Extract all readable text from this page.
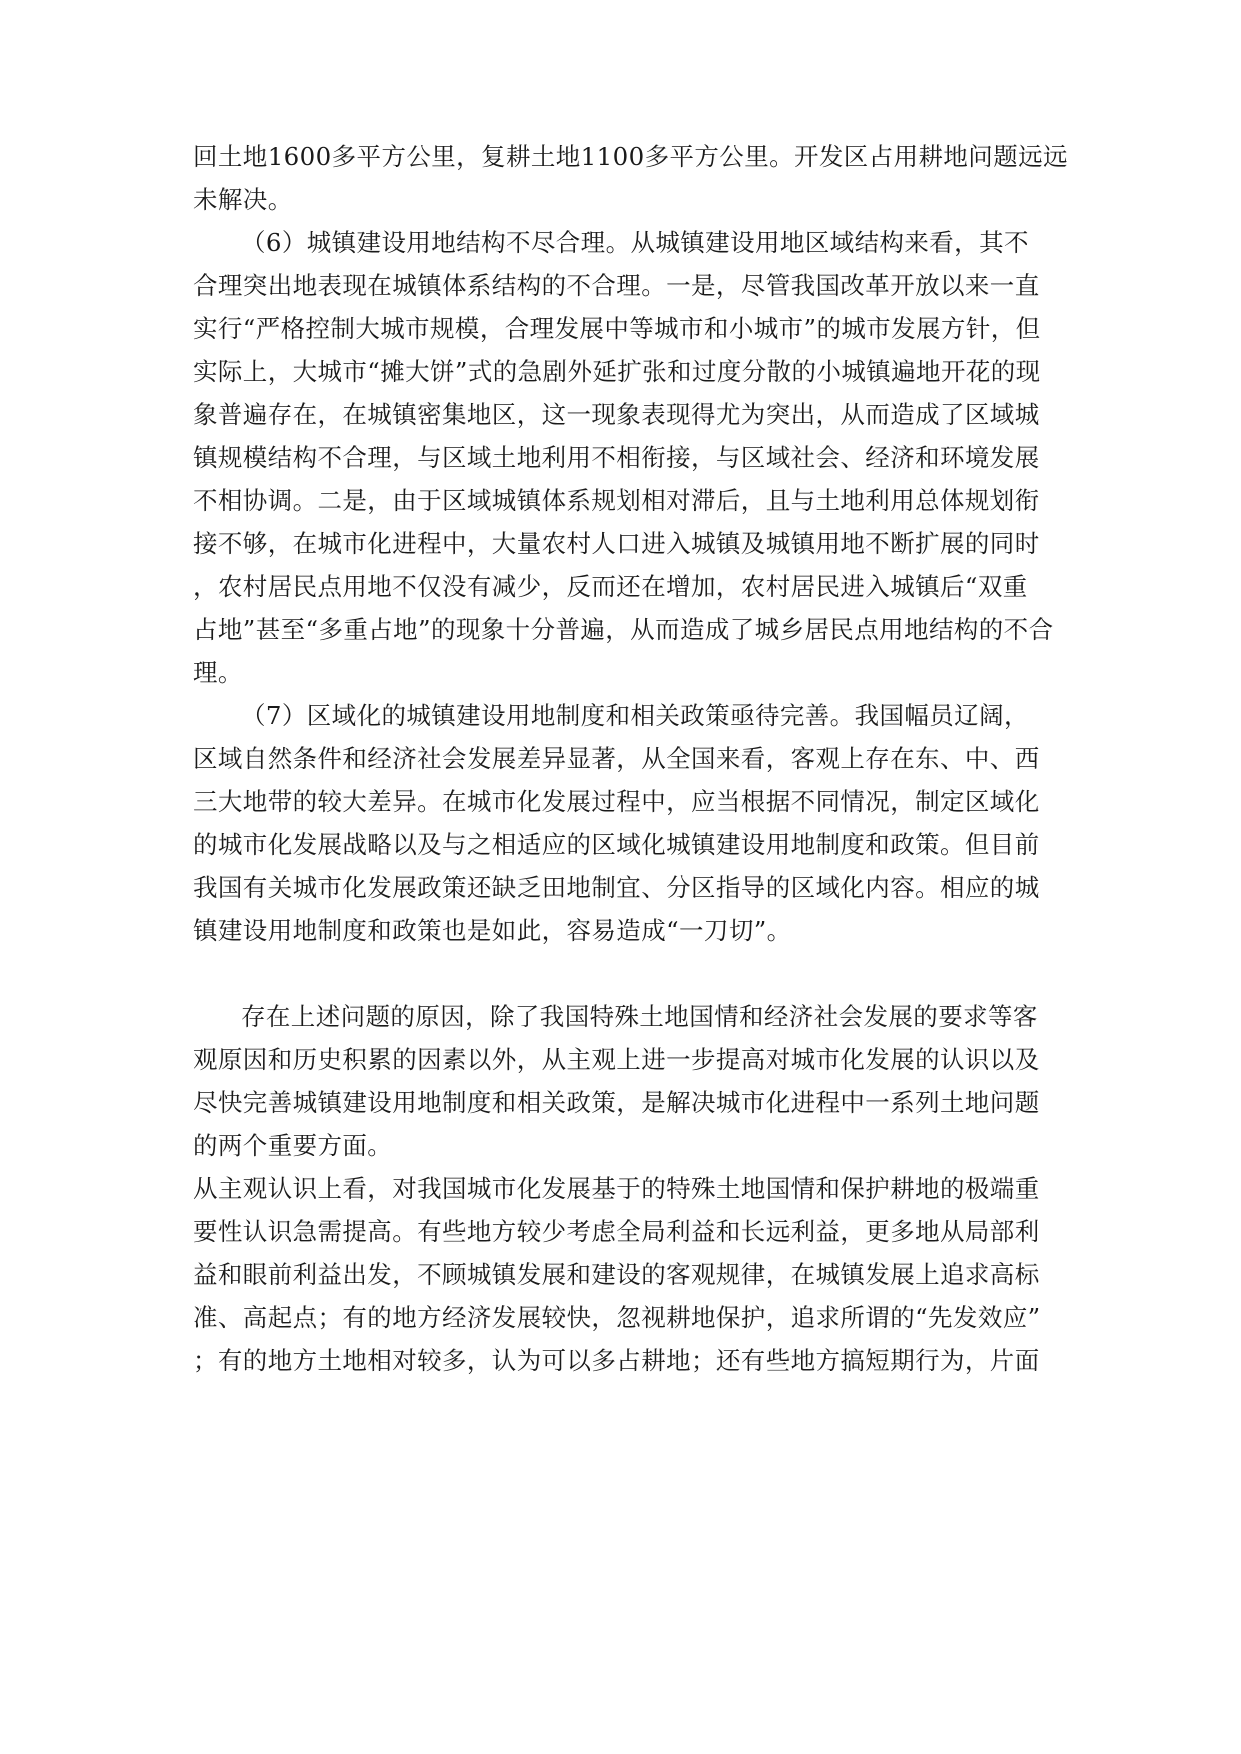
回土地1600多平方公里，复耕土地1100多平方公里。开发区占用耕地问题远远
未解决。
（6）城镇建设用地结构不尽合理。从城镇建设用地区域结构来看，其不
合理突出地表现在城镇体系结构的不合理。一是，尽管我国改革开放以来一直
实行“严格控制大城市规模，合理发展中等城市和小城市”的城市发展方针，但
实际上，大城市“摊大饼”式的急剧外延扩张和过度分散的小城镇遍地开花的现
象普遍存在，在城镇密集地区，这一现象表现得尤为突出，从而造成了区域城
镇规模结构不合理，与区域土地利用不相衔接，与区域社会、经济和环境发展
不相协调。二是，由于区域城镇体系规划相对滞后，且与土地利用总体规划衔
接不够，在城市化进程中，大量农村人口进入城镇及城镇用地不断扩展的同时
，农村居民点用地不仅没有减少，反而还在增加，农村居民进入城镇后“双重
占地”甚至“多重占地”的现象十分普遍，从而造成了城乡居民点用地结构的不合
理。
（7）区域化的城镇建设用地制度和相关政策亟待完善。我国幅员辽阔，
区域自然条件和经济社会发展差异显著，从全国来看，客观上存在东、中、西
三大地带的较大差异。在城市化发展过程中，应当根据不同情况，制定区域化
的城市化发展战略以及与之相适应的区域化城镇建设用地制度和政策。但目前
我国有关城市化发展政策还缺乏田地制宜、分区指导的区域化内容。相应的城
镇建设用地制度和政策也是如此，容易造成“一刀切”。
存在上述问题的原因，除了我国特殊土地国情和经济社会发展的要求等客
观原因和历史积累的因素以外，从主观上进一步提高对城市化发展的认识以及
尽快完善城镇建设用地制度和相关政策，是解决城市化进程中一系列土地问题
的两个重要方面。
从主观认识上看，对我国城市化发展基于的特殊土地国情和保护耕地的极端重
要性认识急需提高。有些地方较少考虑全局利益和长远利益，更多地从局部利
益和眼前利益出发，不顾城镇发展和建设的客观规律，在城镇发展上追求高标
准、高起点；有的地方经济发展较快，忽视耕地保护，追求所谓的“先发效应”
；有的地方土地相对较多，认为可以多占耕地；还有些地方搞短期行为，片面
